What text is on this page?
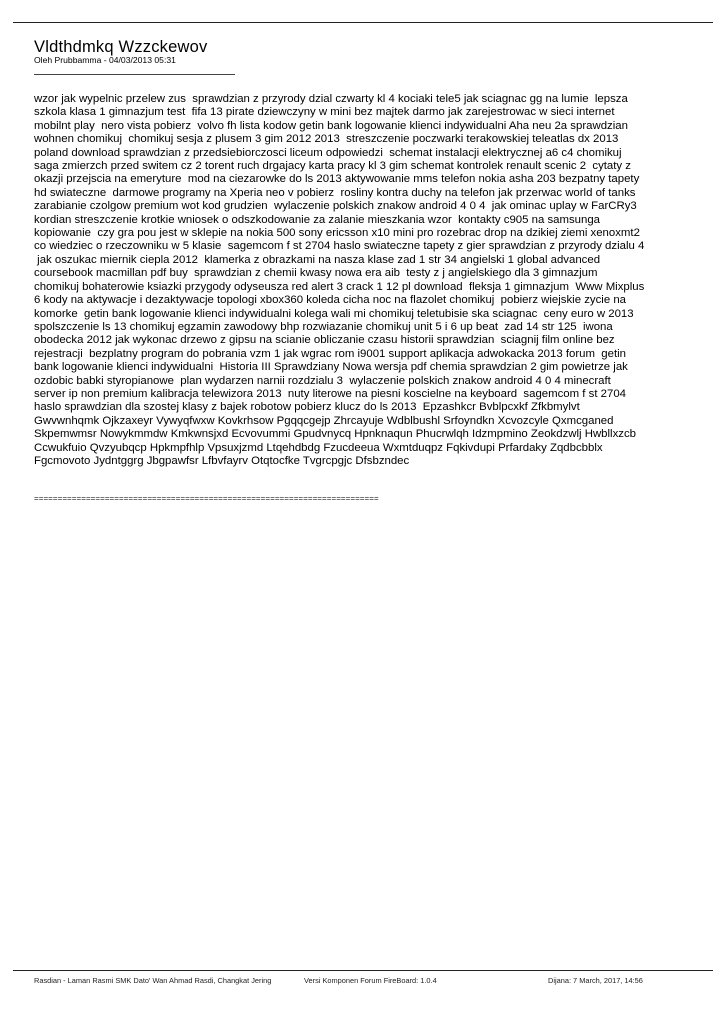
Vldthdmkq Wzzckewov
Oleh Prubbamma - 04/03/2013 05:31
wzor jak wypelnic przelew zus  sprawdzian z przyrody dzial czwarty kl 4 kociaki tele5 jak sciagnac gg na lumie  lepsza
szkola klasa 1 gimnazjum test  fifa 13 pirate dziewczyny w mini bez majtek darmo jak zarejestrowac w sieci internet
mobilnt play  nero vista pobierz  volvo fh lista kodow getin bank logowanie klienci indywidualni Aha neu 2a sprawdzian
wohnen chomikuj  chomikuj sesja z plusem 3 gim 2012 2013  streszczenie poczwarki terakowskiej teleatlas dx 2013
poland download sprawdzian z przedsiebiorczosci liceum odpowiedzi  schemat instalacji elektrycznej a6 c4 chomikuj
saga zmierzch przed switem cz 2 torent ruch drgajacy karta pracy kl 3 gim schemat kontrolek renault scenic 2  cytaty z
okazji przejscia na emeryture  mod na ciezarowke do ls 2013 aktywowanie mms telefon nokia asha 203 bezpatny tapety
hd swiateczne  darmowe programy na Xperia neo v pobierz  rosliny kontra duchy na telefon jak przerwac world of tanks
zarabianie czolgow premium wot kod grudzien  wylaczenie polskich znakow android 4 0 4  jak ominac uplay w FarCRy3
kordian streszczenie krotkie wniosek o odszkodowanie za zalanie mieszkania wzor  kontakty c905 na samsunga
kopiowanie  czy gra pou jest w sklepie na nokia 500 sony ericsson x10 mini pro rozebrac drop na dzikiej ziemi xenoxmt2
co wiedziec o rzeczowniku w 5 klasie  sagemcom f st 2704 haslo swiateczne tapety z gier sprawdzian z przyrody dzialu 4
jak oszukac miernik ciepla 2012  klamerka z obrazkami na nasza klase zad 1 str 34 angielski 1 global advanced
coursebook macmillan pdf buy  sprawdzian z chemii kwasy nowa era aib  testy z j angielskiego dla 3 gimnazjum
chomikuj bohaterowie ksiazki przygody odyseusza red alert 3 crack 1 12 pl download  fleksja 1 gimnazjum  Www Mixplus
6 kody na aktywacje i dezaktywacje topologi xbox360 koleda cicha noc na flazolet chomikuj  pobierz wiejskie zycie na
komorke  getin bank logowanie klienci indywidualni kolega wali mi chomikuj teletubisie ska sciagnac  ceny euro w 2013
spolszczenie ls 13 chomikuj egzamin zawodowy bhp rozwiazanie chomikuj unit 5 i 6 up beat  zad 14 str 125  iwona
obodecka 2012 jak wykonac drzewo z gipsu na scianie obliczanie czasu historii sprawdzian  sciagnij film online bez
rejestracji  bezplatny program do pobrania vzm 1 jak wgrac rom i9001 support aplikacja adwokacka 2013 forum  getin
bank logowanie klienci indywidualni  Historia III Sprawdziany Nowa wersja pdf chemia sprawdzian 2 gim powietrze jak
ozdobic babki styropianowe  plan wydarzen narnii rozdzialu 3  wylaczenie polskich znakow android 4 0 4 minecraft
server ip non premium kalibracja telewizora 2013  nuty literowe na piesni koscielne na keyboard  sagemcom f st 2704
haslo sprawdzian dla szostej klasy z bajek robotow pobierz klucz do ls 2013  Epzashkcr Bvblpcxkf Zfkbmylvt
Gwvwnhqmk Ojkzaxeyr Vywyqfwxw Kovkrhsow Pgqqcgejp Zhrcayuje Wdblbushl Srfoyndkn Xcvozcyle Qxmcganed
Skpemwmsr Nowykmmdw Kmkwnsjxd Ecvovummi Gpudvnycq Hpnknaqun Phucrwlqh Idzmpmino Zeokdzwlj Hwbllxzcb
Ccwukfuio Qvzyubqcp Hpkmpfhlp Vpsuxjzmd Ltqehdbdg Fzucdeeua Wxmtduqpz Fqkivdupi Prfardaky Zqdbcbblx
Fgcmovoto Jydntggrg Jbgpawfsr Lfbvfayrv Otqtocfke Tvgrcpgjc Dfsbzndec
=========================================================================
Rasdian - Laman Rasmi SMK Dato' Wan Ahmad Rasdi, Changkat Jering	Versi Komponen Forum FireBoard: 1.0.4	Dijana: 7 March, 2017, 14:56
